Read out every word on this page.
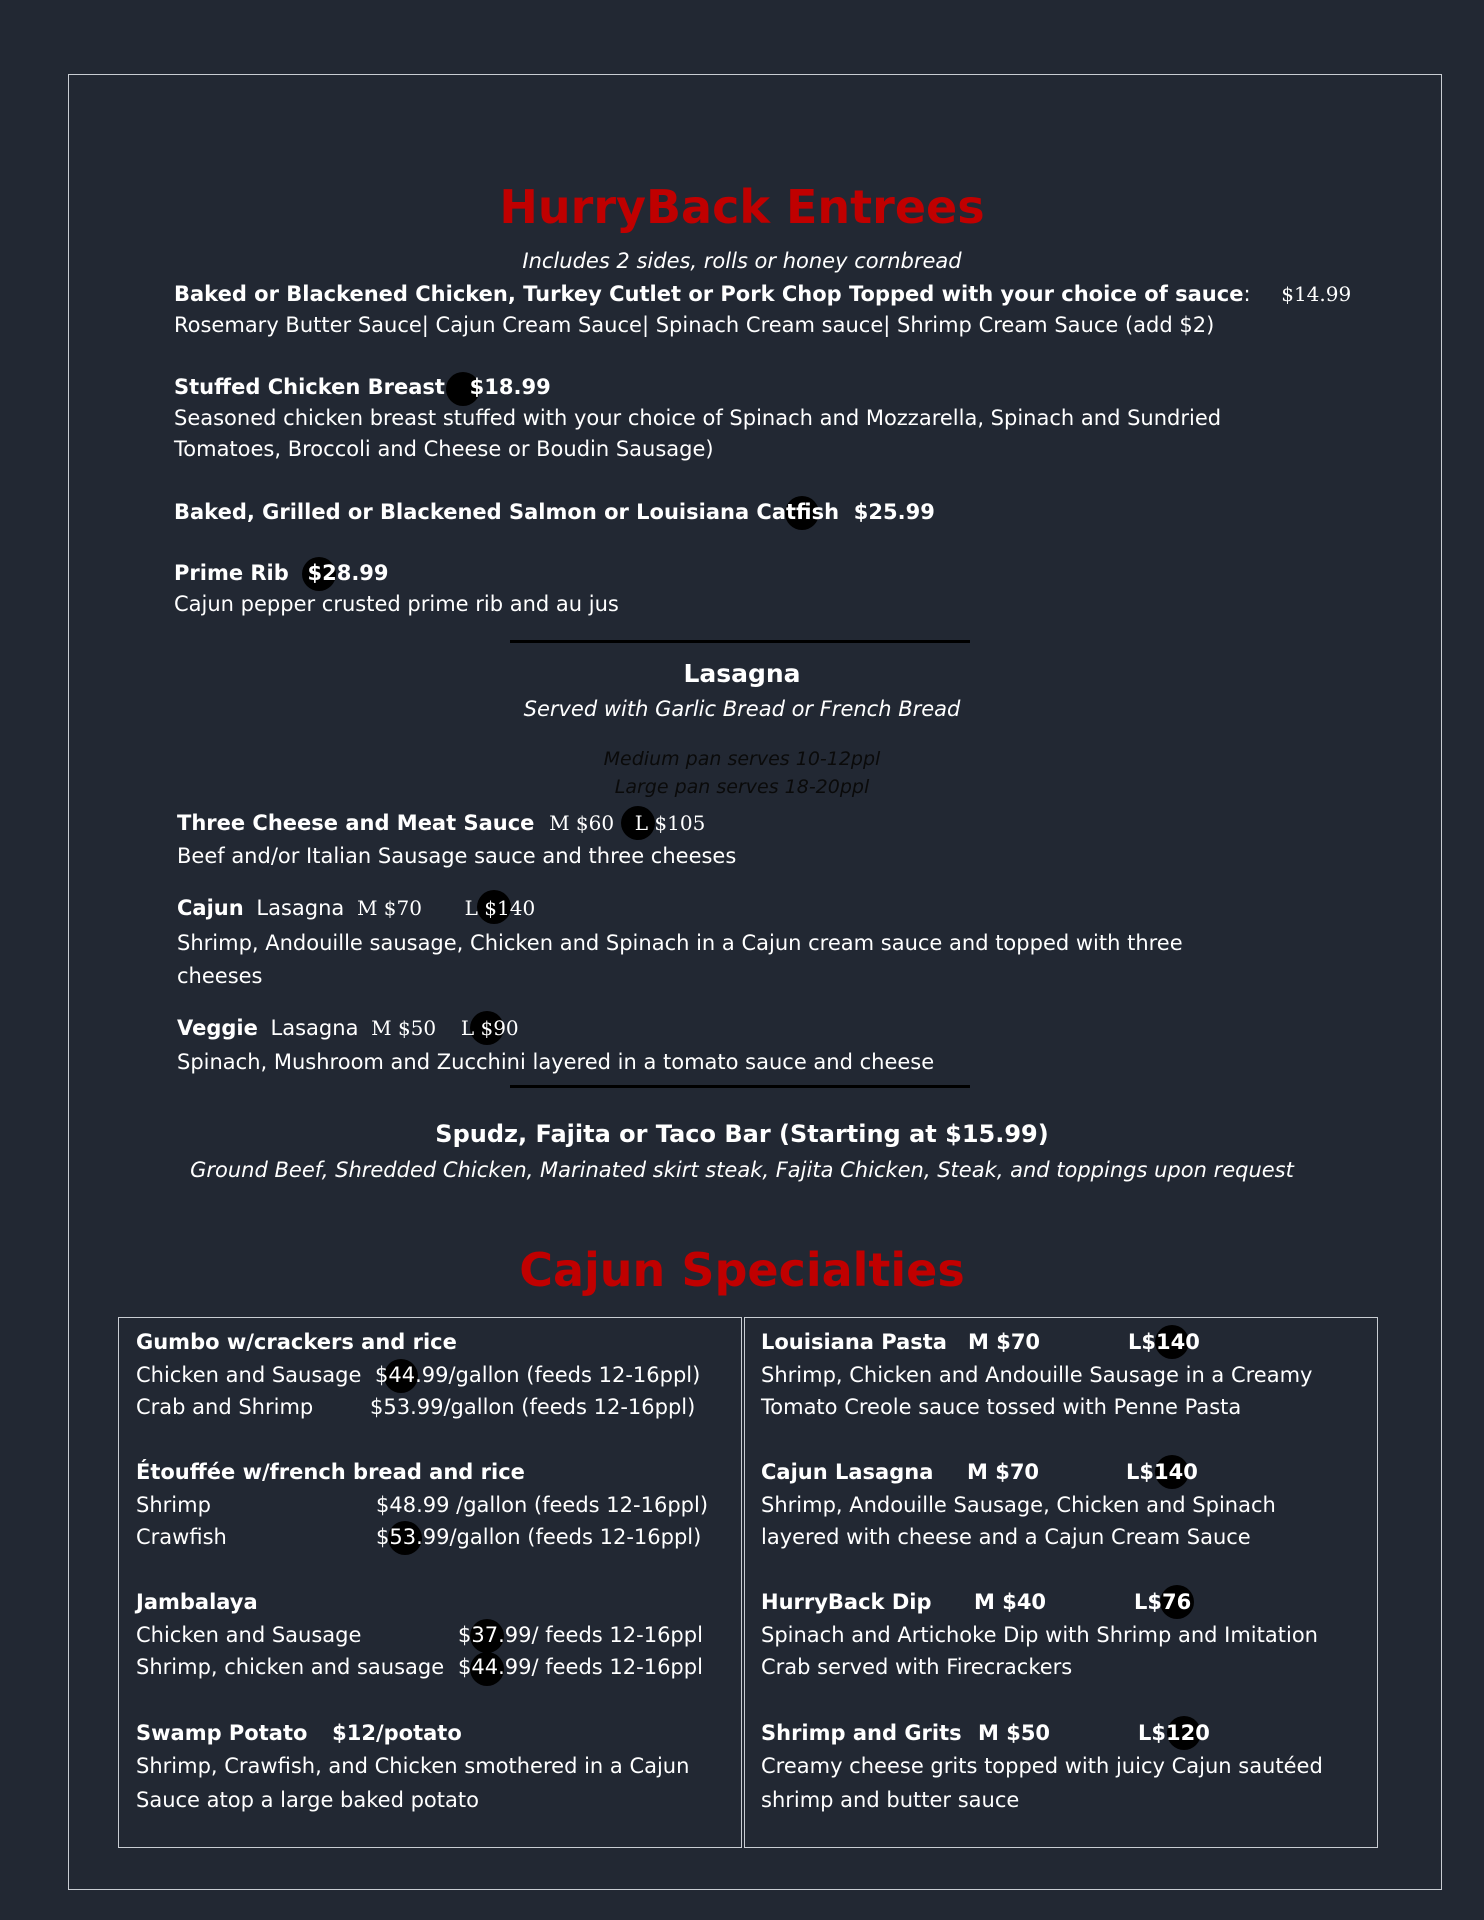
HurryBack Entrees
Includes 2 sides, rolls or honey cornbread
Baked or Blackened Chicken, Turkey Cutlet or Pork Chop Topped with your choice of sauce: $14.99
Rosemary Butter Sauce| Cajun Cream Sauce| Spinach Cream sauce| Shrimp Cream Sauce (add $2)
Stuffed Chicken Breast $18.99
Seasoned chicken breast stuffed with your choice of Spinach and Mozzarella, Spinach and Sundried
Tomatoes, Broccoli and Cheese or Boudin Sausage)
Baked, Grilled or Blackened Salmon or Louisiana Catfish $25.99
Prime Rib $28.99
Cajun pepper crusted prime rib and au jus
Lasagna
Served with Garlic Bread or French Bread
Medium pan serves 10-12ppl
Large pan serves 18-20ppl
Three Cheese and Meat Sauce M $60 L $105
Beef and/or Italian Sausage sauce and three cheeses
Cajun Lasagna M $70 L $140
Shrimp, Andouille sausage, Chicken and Spinach in a Cajun cream sauce and topped with three
cheeses
Veggie Lasagna M $50 L $90
Spinach, Mushroom and Zucchini layered in a tomato sauce and cheese
Spudz, Fajita or Taco Bar (Starting at $15.99)
Ground Beef, Shredded Chicken, Marinated skirt steak, Fajita Chicken, Steak, and toppings upon request
Cajun Specialties
Gumbo w/crackers and rice
Chicken and Sausage $44.99/gallon (feeds 12-16ppl)
Crab and Shrimp	$53.99/gallon (feeds 12-16ppl)
Étouffée w/french bread and rice
Shrimp	$48.99 /gallon (feeds 12-16ppl)
Crawfish	$53.99/gallon (feeds 12-16ppl)
Jambalaya
Chicken and Sausage	$37.99/ feeds 12-16ppl
Shrimp, chicken and sausage $44.99/ feeds 12-16ppl
Swamp Potato $12/potato
Shrimp, Crawfish, and Chicken smothered in a Cajun
Sauce atop a large baked potato
Louisiana Pasta M $70	L$140
Shrimp, Chicken and Andouille Sausage in a Creamy
Tomato Creole sauce tossed with Penne Pasta
Cajun Lasagna M $70	L$140
Shrimp, Andouille Sausage, Chicken and Spinach
layered with cheese and a Cajun Cream Sauce
HurryBack Dip M $40	L$76
Spinach and Artichoke Dip with Shrimp and Imitation
Crab served with Firecrackers
Shrimp and Grits M $50	L$120
Creamy cheese grits topped with juicy Cajun sautéed
shrimp and butter sauce
